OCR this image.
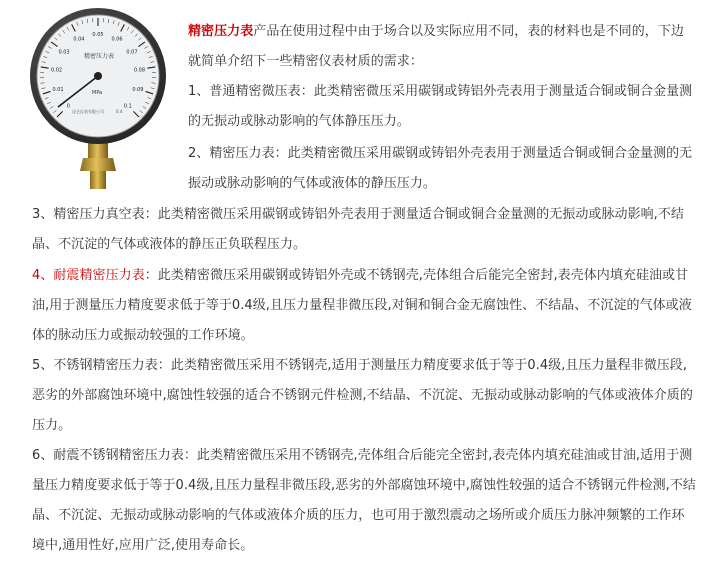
0
0.01
0.02
0.03
0.04
0.05
0.06
0.07
0.08
0.09
0.1
精密压力表
MPa
昆仑仪表有限公司	0.4

精密压力表产品在使用过程中由于场合以及实际应用不同，表的材料也是不同的，下边就简单介绍下一些精密仪表材质的需求：

1、普通精密微压表：此类精密微压采用碳钢或铸铝外壳表用于测量适合铜或铜合金量测的无振动或脉动影响的气体静压压力。

2、精密压力表：此类精密微压采用碳钢或铸铝外壳表用于测量适合铜或铜合金量测的无振动或脉动影响的气体或液体的静压压力。

3、精密压力真空表：此类精密微压采用碳钢或铸铝外壳表用于测量适合铜或铜合金量测的无振动或脉动影响,不结晶、不沉淀的气体或液体的静压正负联程压力。

4、耐震精密压力表：此类精密微压采用碳钢或铸铝外壳或不锈钢壳,壳体组合后能完全密封,表壳体内填充硅油或甘油,用于测量压力精度要求低于等于0.4级,且压力量程非微压段,对铜和铜合金无腐蚀性、不结晶、不沉淀的气体或液体的脉动压力或振动较强的工作环境。

5、不锈钢精密压力表：此类精密微压采用不锈钢壳,适用于测量压力精度要求低于等于0.4级,且压力量程非微压段,恶劣的外部腐蚀环境中,腐蚀性较强的适合不锈钢元件检测,不结晶、不沉淀、无振动或脉动影响的气体或液体介质的压力。

6、耐震不锈钢精密压力表：此类精密微压采用不锈钢壳,壳体组合后能完全密封,表壳体内填充硅油或甘油,适用于测量压力精度要求低于等于0.4级,且压力量程非微压段,恶劣的外部腐蚀环境中,腐蚀性较强的适合不锈钢元件检测,不结晶、不沉淀、无振动或脉动影响的气体或液体介质的压力，也可用于激烈震动之场所或介质压力脉冲频繁的工作环境中,通用性好,应用广泛,使用寿命长。
